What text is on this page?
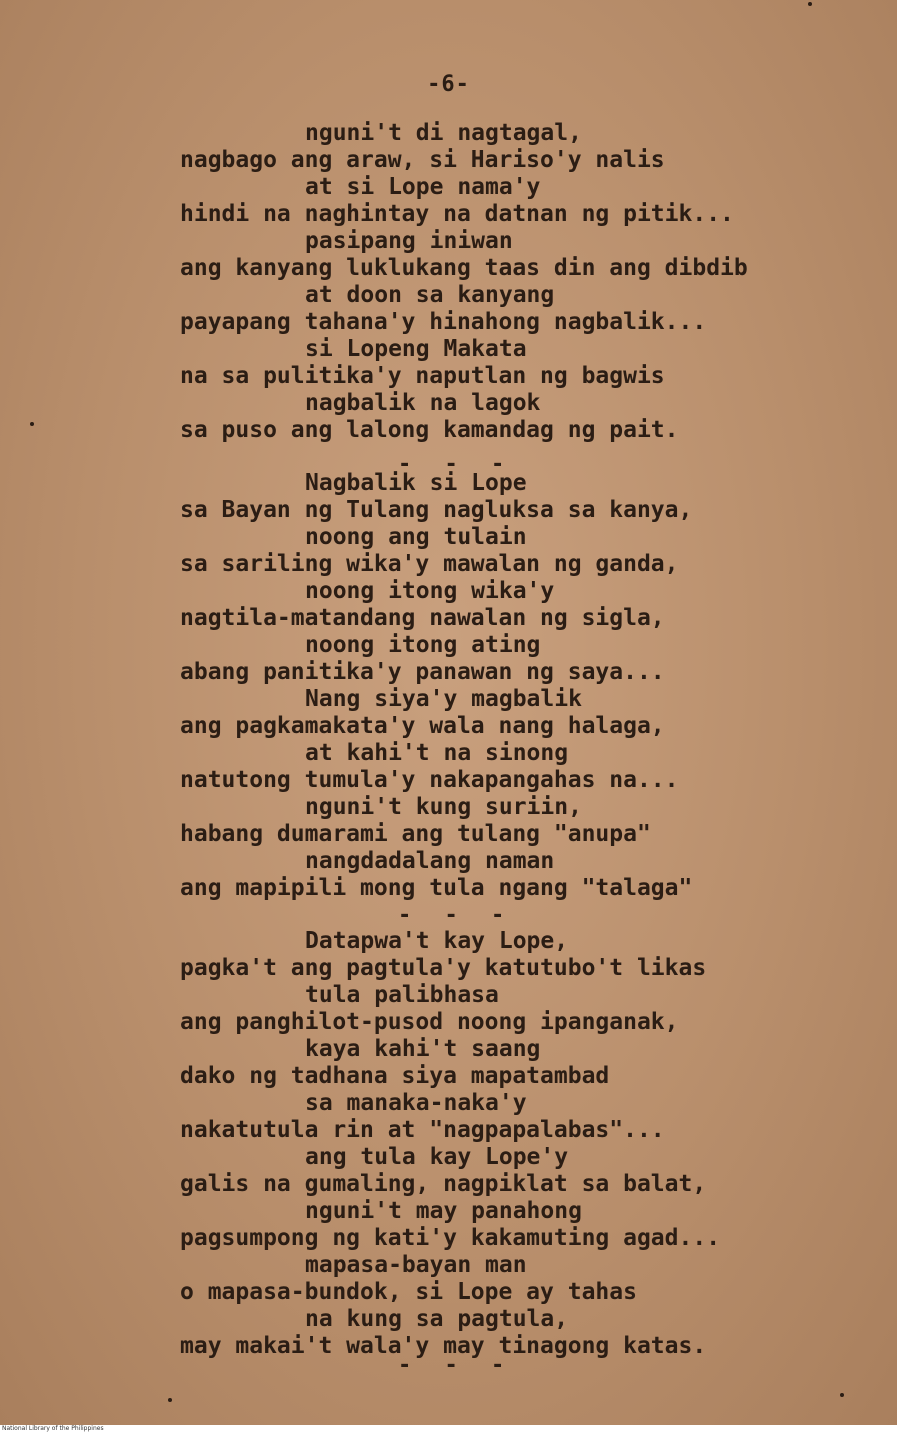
-6-
nguni't di nagtagal,
nagbago ang araw, si Hariso'y nalis
at si Lope nama'y
hindi na naghintay na datnan ng pitik...
pasipang iniwan
ang kanyang luklukang taas din ang dibdib
at doon sa kanyang
payapang tahana'y hinahong nagbalik...
si Lopeng Makata
na sa pulitika'y naputlan ng bagwis
nagbalik na lagok
sa puso ang lalong kamandag ng pait.
Nagbalik si Lope
sa Bayan ng Tulang nagluksa sa kanya,
noong ang tulain
sa sariling wika'y mawalan ng ganda,
noong itong wika'y
nagtila-matandang nawalan ng sigla,
noong itong ating
abang panitika'y panawan ng saya...
Nang siya'y magbalik
ang pagkamakata'y wala nang halaga,
at kahi't na sinong
natutong tumula'y nakapangahas na...
nguni't kung suriin,
habang dumarami ang tulang "anupa"
nangdadalang naman
ang mapipili mong tula ngang "talaga"
Datapwa't kay Lope,
pagka't ang pagtula'y katutubo't likas
tula palibhasa
ang panghilot-pusod noong ipanganak,
kaya kahi't saang
dako ng tadhana siya mapatambad
sa manaka-naka'y
nakatutula rin at "nagpapalabas"...
ang tula kay Lope'y
galis na gumaling, nagpiklat sa balat,
nguni't may panahong
pagsumpong ng kati'y kakamuting agad...
mapasa-bayan man
o mapasa-bundok, si Lope ay tahas
na kung sa pagtula,
may makai't wala'y may tinagong katas.
- - -
- - -
- - -
National Library of the Philippines
